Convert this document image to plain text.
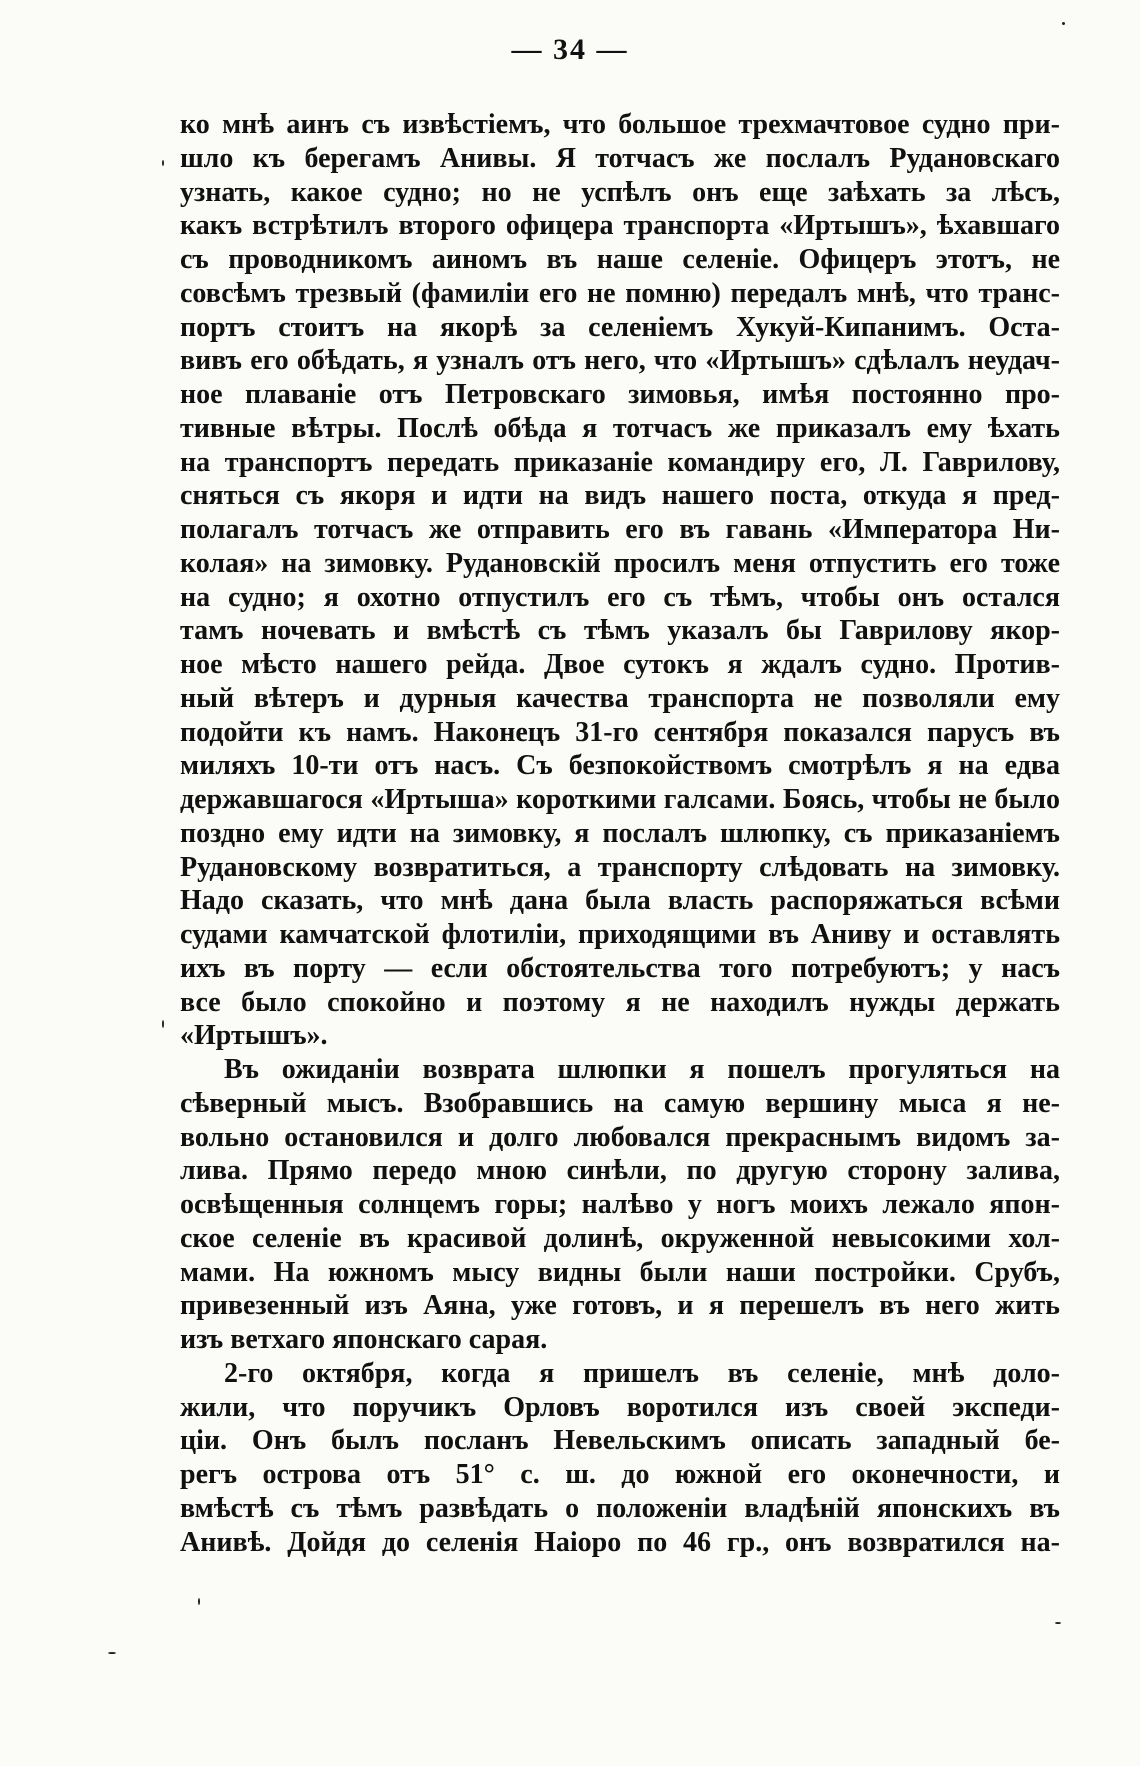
— 34 —
ко мнѣ аинъ съ извѣстіемъ, что большое трехмачтовое судно при-
шло къ берегамъ Анивы. Я тотчасъ же послалъ Рудановскаго
узнать, какое судно; но не успѣлъ онъ еще заѣхать за лѣсъ,
какъ встрѣтилъ второго офицера транспорта «Иртышъ», ѣхавшаго
съ проводникомъ аиномъ въ наше селеніе. Офицеръ этотъ, не
совсѣмъ трезвый (фамиліи его не помню) передалъ мнѣ, что транс-
портъ стоитъ на якорѣ за селеніемъ Хукуй-Кипанимъ. Оста-
вивъ его обѣдать, я узналъ отъ него, что «Иртышъ» сдѣлалъ неудач-
ное плаваніе отъ Петровскаго зимовья, имѣя постоянно про-
тивные вѣтры. Послѣ обѣда я тотчасъ же приказалъ ему ѣхать
на транспортъ передать приказаніе командиру его, Л. Гаврилову,
сняться съ якоря и идти на видъ нашего поста, откуда я пред-
полагалъ тотчасъ же отправить его въ гавань «Императора Ни-
колая» на зимовку. Рудановскій просилъ меня отпустить его тоже
на судно; я охотно отпустилъ его съ тѣмъ, чтобы онъ остался
тамъ ночевать и вмѣстѣ съ тѣмъ указалъ бы Гаврилову якор-
ное мѣсто нашего рейда. Двое сутокъ я ждалъ судно. Против-
ный вѣтеръ и дурныя качества транспорта не позволяли ему
подойти къ намъ. Наконецъ 31-го сентября показался парусъ въ
миляхъ 10-ти отъ насъ. Съ безпокойствомъ смотрѣлъ я на едва
державшагося «Иртыша» короткими галсами. Боясь, чтобы не было
поздно ему идти на зимовку, я послалъ шлюпку, съ приказаніемъ
Рудановскому возвратиться, а транспорту слѣдовать на зимовку.
Надо сказать, что мнѣ дана была власть распоряжаться всѣми
судами камчатской флотиліи, приходящими въ Аниву и оставлять
ихъ въ порту — если обстоятельства того потребуютъ; у насъ
все было спокойно и поэтому я не находилъ нужды держать
«Иртышъ».
Въ ожиданіи возврата шлюпки я пошелъ прогуляться на
сѣверный мысъ. Взобравшись на самую вершину мыса я не-
вольно остановился и долго любовался прекраснымъ видомъ за-
лива. Прямо передо мною синѣли, по другую сторону залива,
освѣщенныя солнцемъ горы; налѣво у ногъ моихъ лежало япон-
ское селеніе въ красивой долинѣ, окруженной невысокими хол-
мами. На южномъ мысу видны были наши постройки. Срубъ,
привезенный изъ Аяна, уже готовъ, и я перешелъ въ него жить
изъ ветхаго японскаго сарая.
2-го октября, когда я пришелъ въ селеніе, мнѣ доло-
жили, что поручикъ Орловъ воротился изъ своей экспеди-
ціи. Онъ былъ посланъ Невельскимъ описать западный бе-
регъ острова отъ 51° с. ш. до южной его оконечности, и
вмѣстѣ съ тѣмъ развѣдать о положеніи владѣній японскихъ въ
Анивѣ. Дойдя до селенія Наіоро по 46 гр., онъ возвратился на-
